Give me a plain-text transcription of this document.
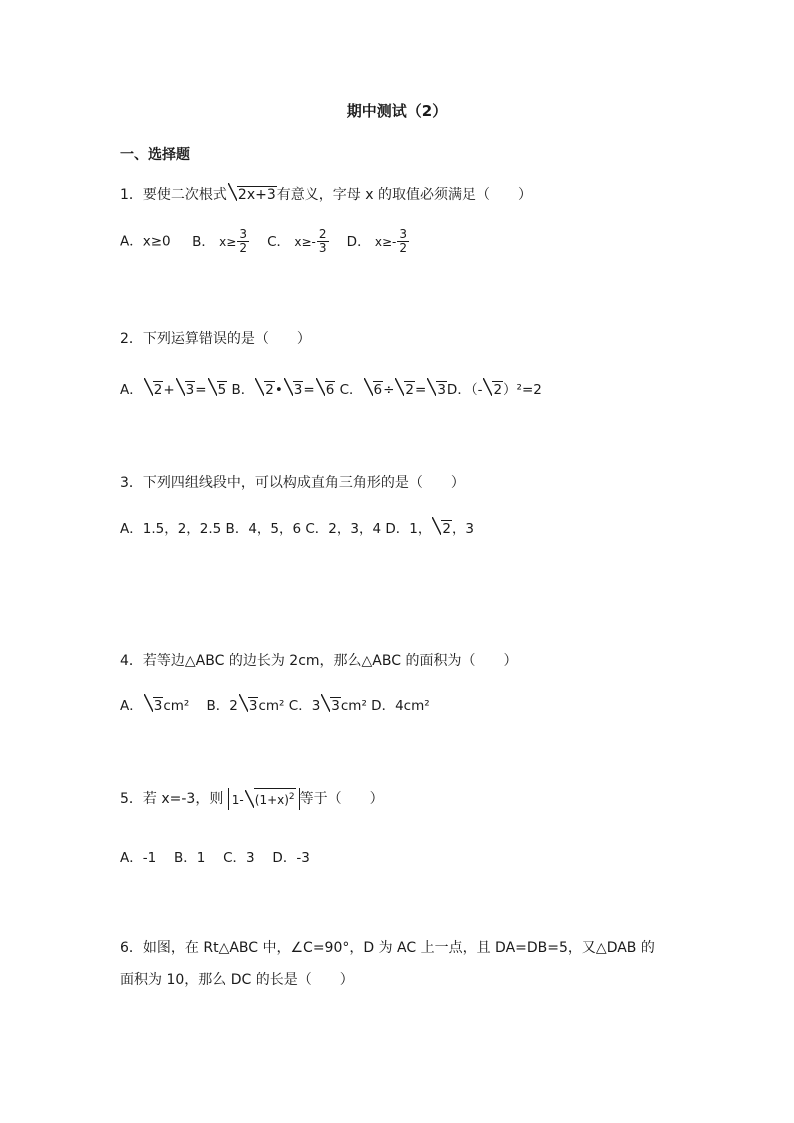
期中测试（2）
一、选择题
1．要使二次根式 2x+3有意义，字母 x 的取值必须满足（　　）
A．x≥0 B． $x\ge \frac{3}{2}$ C． $x\ge- \frac{2}{3}$ D． $x\ge- \frac{3}{2}$
2．下列运算错误的是（　　）
A． 2+ 3= 5 B． 2• 3= 6 C． 6÷ 2= 3D．（- 2）²=2
3．下列四组线段中，可以构成直角三角形的是（　　）
A．1.5，2，2.5 B．4，5，6 C．2，3，4 D．1， 2，3
4．若等边△ABC 的边长为 2cm，那么△ABC 的面积为（　　）
A． 3cm² B．2 3cm² C．3 3cm² D．4cm²
5．若 x=-3，则 1- $(1+x)^2$ 等于（　　）
A．-1　 B．1　 C．3　 D．-3
6．如图，在 Rt△ABC 中，∠C=90°，D 为 AC 上一点，且 DA=DB=5，又△DAB 的
面积为 10，那么 DC 的长是（　　）
